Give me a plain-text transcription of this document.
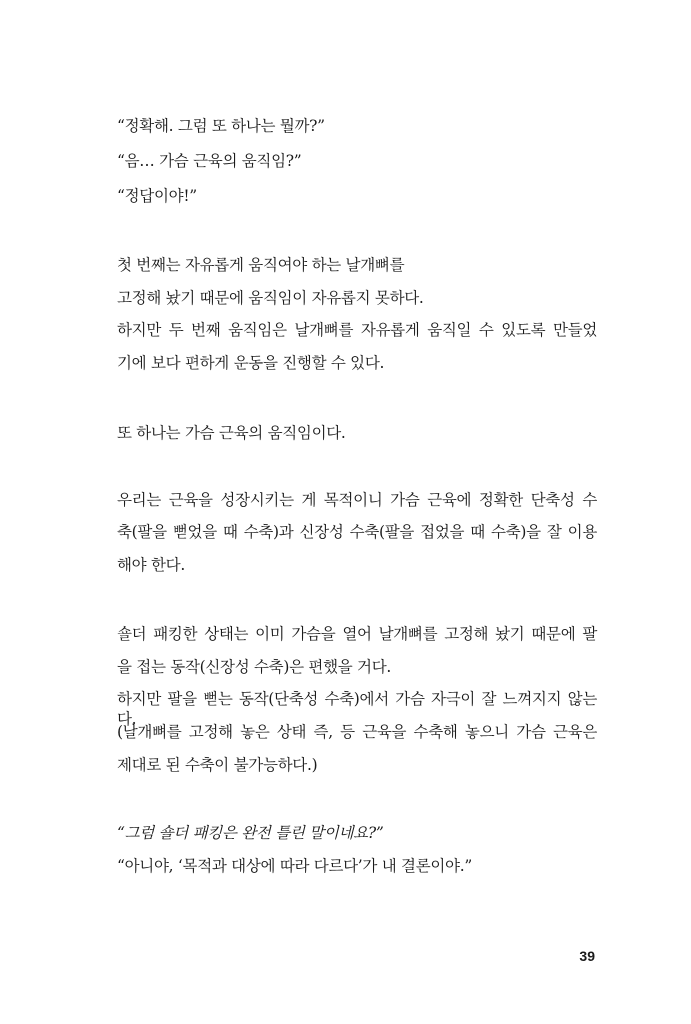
“정확해. 그럼 또 하나는 뭘까?”
“음… 가슴 근육의 움직임?”
“정답이야!”
첫 번째는 자유롭게 움직여야 하는 날개뼈를
고정해 놨기 때문에 움직임이 자유롭지 못하다.
하지만 두 번째 움직임은 날개뼈를 자유롭게 움직일 수 있도록 만들었
기에 보다 편하게 운동을 진행할 수 있다.
또 하나는 가슴 근육의 움직임이다.
우리는 근육을 성장시키는 게 목적이니 가슴 근육에 정확한 단축성 수
축(팔을 뻗었을 때 수축)과 신장성 수축(팔을 접었을 때 수축)을 잘 이용
해야 한다.
숄더 패킹한 상태는 이미 가슴을 열어 날개뼈를 고정해 놨기 때문에 팔
을 접는 동작(신장성 수축)은 편했을 거다.
하지만 팔을 뻗는 동작(단축성 수축)에서 가슴 자극이 잘 느껴지지 않는다.
(날개뼈를 고정해 놓은 상태 즉, 등 근육을 수축해 놓으니 가슴 근육은
제대로 된 수축이 불가능하다.)
“그럼 숄더 패킹은 완전 틀린 말이네요?”
“아니야, ‘목적과 대상에 따라 다르다’가 내 결론이야.”
39
